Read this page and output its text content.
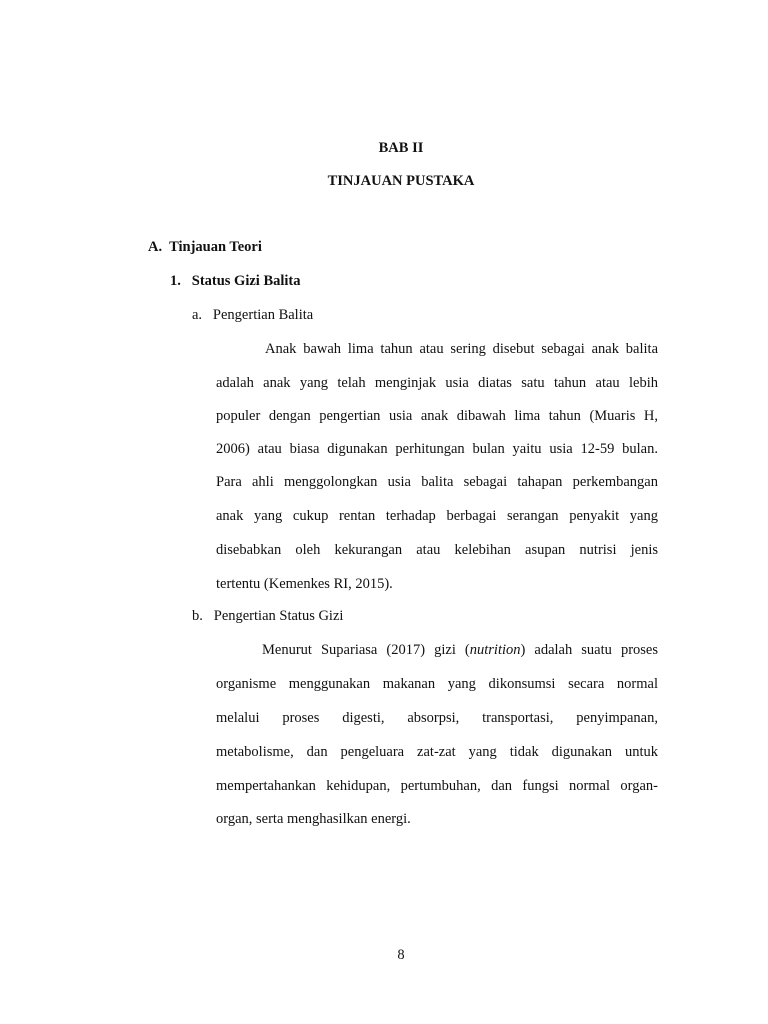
BAB II
TINJAUAN PUSTAKA
A.  Tinjauan Teori
1.   Status Gizi Balita
a.   Pengertian Balita
Anak bawah lima tahun atau sering disebut sebagai anak balita
adalah anak yang telah menginjak usia diatas satu tahun atau lebih
populer dengan pengertian usia anak dibawah lima tahun (Muaris H,
2006) atau biasa digunakan perhitungan bulan yaitu usia 12-59 bulan.
Para ahli menggolongkan usia balita sebagai tahapan perkembangan
anak yang cukup rentan terhadap berbagai serangan penyakit yang
disebabkan oleh kekurangan atau kelebihan asupan nutrisi jenis
tertentu (Kemenkes RI, 2015).
b.   Pengertian Status Gizi
Menurut Supariasa (2017) gizi (nutrition) adalah suatu proses
organisme menggunakan makanan yang dikonsumsi secara normal
melalui proses digesti, absorpsi, transportasi, penyimpanan,
metabolisme, dan pengeluara zat-zat yang tidak digunakan untuk
mempertahankan kehidupan, pertumbuhan, dan fungsi normal organ-
organ, serta menghasilkan energi.
8
